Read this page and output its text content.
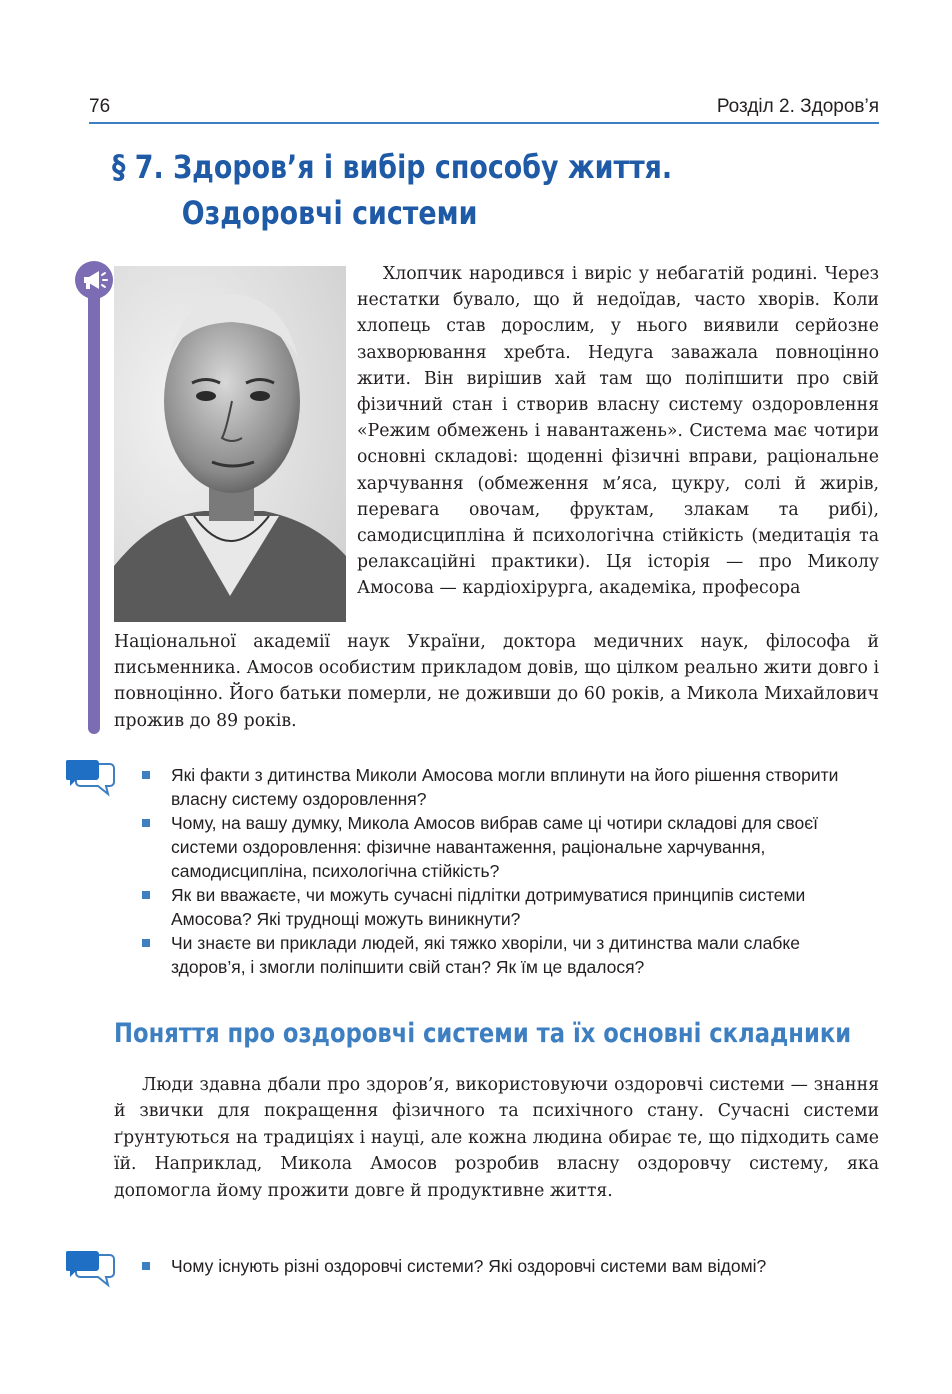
76	Розділ 2. Здоров’я
§ 7. Здоров’я і вибір способу життя.
Оздоровчі системи

Хлопчик народився і виріс у небагатій родині. Через нестатки бувало, що й недоїдав, часто хворів. Коли хлопець став дорослим, у нього виявили серйозне захворювання хребта. Недуга заважала повноцінно жити. Він вирішив хай там що поліпшити про свій фізичний стан і створив власну систему оздоровлення «Режим обмежень і навантажень». Система має чотири основні складові: щоденні фізичні вправи, раціональне харчування (обмеження м’яса, цукру, солі й жирів, перевага овочам, фруктам, злакам та рибі), самодисципліна й психологічна стійкість (медитація та релаксаційні практики). Ця історія — про Миколу Амосова — кардіохірурга, академіка, професора

Національної академії наук України, доктора медичних наук, філософа й письменника. Амосов особистим прикладом довів, що цілком реально жити довго і повноцінно. Його батьки померли, не доживши до 60 років, а Микола Михайлович прожив до 89 років.

Які факти з дитинства Миколи Амосова могли вплинути на його рішення створити власну систему оздоровлення?
Чому, на вашу думку, Микола Амосов вибрав саме ці чотири складові для своєї системи оздоровлення: фізичне навантаження, раціональне харчування, самодисципліна, психологічна стійкість?
Як ви вважаєте, чи можуть сучасні підлітки дотримуватися принципів системи Амосова? Які труднощі можуть виникнути?
Чи знаєте ви приклади людей, які тяжко хворіли, чи з дитинства мали слабке здоров’я, і змогли поліпшити свій стан? Як їм це вдалося?
Поняття про оздоровчі системи та їх основні складники

Люди здавна дбали про здоров’я, використовуючи оздоровчі системи — знання й звички для покращення фізичного та психічного стану. Сучасні системи ґрунтуються на традиціях і науці, але кожна людина обирає те, що підходить саме їй. Наприклад, Микола Амосов розробив власну оздоровчу систему, яка допомогла йому прожити довге й продуктивне життя.

Чому існують різні оздоровчі системи? Які оздоровчі системи вам відомі?
